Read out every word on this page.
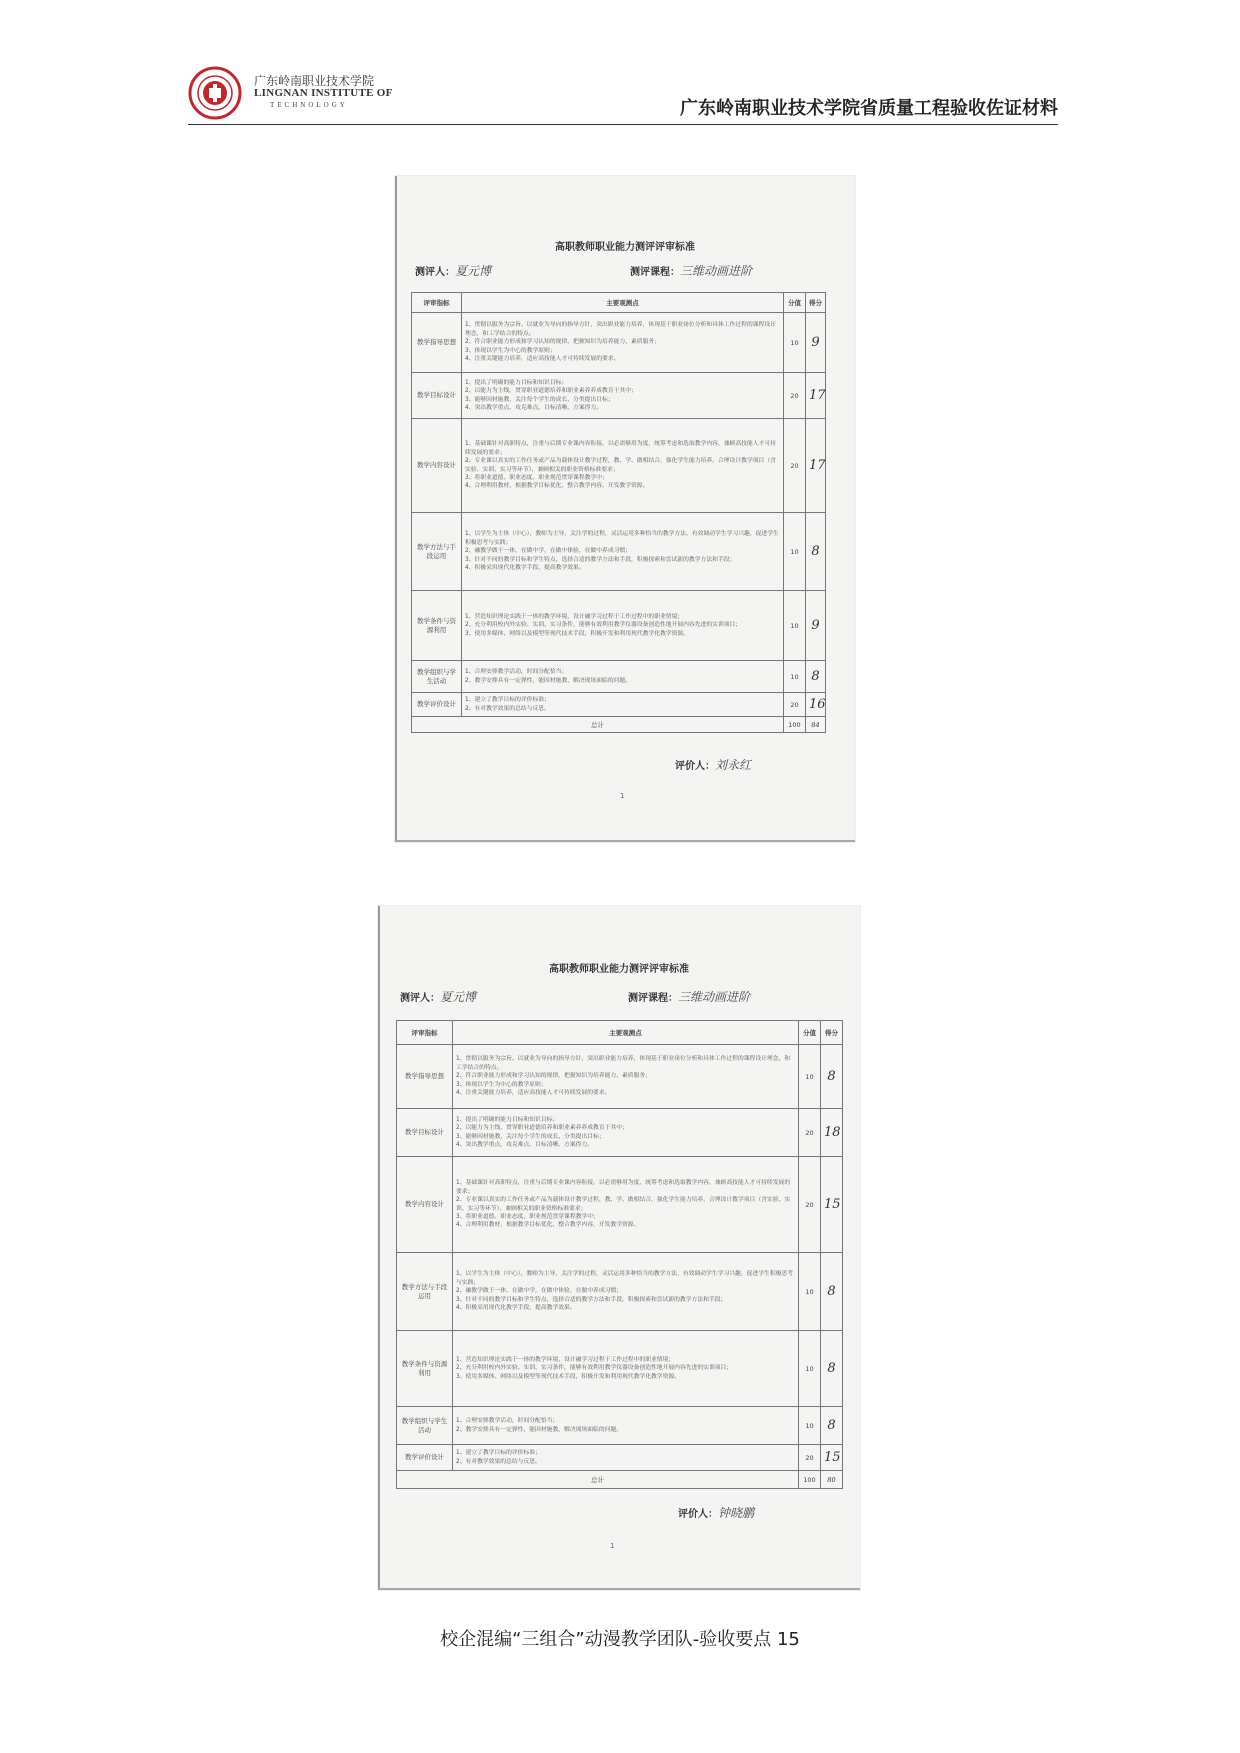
广东岭南职业技术学院
LINGNAN INSTITUTE OF
TECHNOLOGY	广东岭南职业技术学院省质量工程验收佐证材料
高职教师职业能力测评评审标准
测评人：夏元博	测评课程：三维动画进阶
评审指标	主要观测点	分值	得分
教学指导思想	1、贯彻以服务为宗旨、以就业为导向的指导方针，突出职业能力培养，体现基于职业岗位分析和具体工作过程的课程设计理念，和工学结合的特点。
2、符合职业能力形成和学习认知的规律，把握知识为培养能力、素质服务；
3、体现以学生为中心的教学原则；
4、注重关键能力培养，适应高技能人才可持续发展的要求。	10	9
教学目标设计	1、提出了明确的能力目标和知识目标；
2、以能力为主线，贯穿职业道德培养和职业素养养成教育于其中；
3、能够因材施教，关注每个学生的成长，分类提出目标；
4、突出教学重点，攻克难点，目标清晰，方案得力。	20	17
教学内容设计	1、基础课针对高职特点，注重与后期专业课内容衔接，以必需够用为度，统筹考虑和选取教学内容，兼顾高技能人才可持续发展的要求；
2、专业课以真实的工作任务或产品为载体设计教学过程，教、学、做相结合，强化学生能力培养，合理设计教学项目（含实验、实训、实习等环节），兼顾相关的职业资格标准要求；
3、将职业道德、职业态度、职业规范贯穿课程教学中；
4、合理利用教材，根据教学目标优化、整合教学内容，开发教学资源。	20	17
教学方法与手段运用	1、以学生为主体（中心），教师为主导，关注学的过程，灵活运用多种恰当的教学方法，有效调动学生学习兴趣，促进学生积极思考与实践；
2、融教学做于一体，在做中学，在做中体验，在做中养成习惯；
3、针对不同的教学目标和学生特点，选择合适的教学方法和手段，积极探索和尝试新的教学方法和手段；
4、积极采用现代化教学手段，提高教学效果。	10	8
教学条件与资源利用	1、营造知识理论实践于一体的教学环境，设计融学习过程于工作过程中的职业情境；
2、充分利用校内外实验、实训、实习条件，能够有效利用教学仪器设备创造性地开展内容先进的实训项目；
3、使用多媒体、网络以及模型等现代技术手段，积极开发和利用现代教学化教学资源。	10	9
教学组织与学生活动	1、合理安排教学活动，时间分配恰当；
2、教学安排具有一定弹性，能因材施教，解决现场面临的问题。	10	8
教学评价设计	1、建立了教学目标的评价标准；
2、有对教学效果的总结与反思。	20	16
总计		100	84
评价人：刘永红
1
高职教师职业能力测评评审标准
测评人：夏元博	测评课程：三维动画进阶
评审指标	主要观测点	分值	得分
教学指导思想	1、贯彻以服务为宗旨、以就业为导向的指导方针，突出职业能力培养，体现基于职业岗位分析和具体工作过程的课程设计理念，和工学结合的特点。
2、符合职业能力形成和学习认知的规律，把握知识为培养能力、素质服务；
3、体现以学生为中心的教学原则；
4、注重关键能力培养，适应高技能人才可持续发展的要求。	10	8
教学目标设计	1、提出了明确的能力目标和知识目标；
2、以能力为主线，贯穿职业道德培养和职业素养养成教育于其中；
3、能够因材施教，关注每个学生的成长，分类提出目标；
4、突出教学重点，攻克难点，目标清晰，方案得力。	20	18
教学内容设计	1、基础课针对高职特点，注重与后期专业课内容衔接，以必需够用为度，统筹考虑和选取教学内容，兼顾高技能人才可持续发展的要求；
2、专业课以真实的工作任务或产品为载体设计教学过程，教、学、做相结合，强化学生能力培养，合理设计教学项目（含实验、实训、实习等环节），兼顾相关的职业资格标准要求；
3、将职业道德、职业态度、职业规范贯穿课程教学中；
4、合理利用教材，根据教学目标优化、整合教学内容，开发教学资源。	20	15
教学方法与手段运用	1、以学生为主体（中心），教师为主导，关注学的过程，灵活运用多种恰当的教学方法，有效调动学生学习兴趣，促进学生积极思考与实践；
2、融教学做于一体，在做中学，在做中体验，在做中养成习惯；
3、针对不同的教学目标和学生特点，选择合适的教学方法和手段，积极探索和尝试新的教学方法和手段；
4、积极采用现代化教学手段，提高教学效果。	10	8
教学条件与资源利用	1、营造知识理论实践于一体的教学环境，设计融学习过程于工作过程中的职业情境；
2、充分利用校内外实验、实训、实习条件，能够有效利用教学仪器设备创造性地开展内容先进的实训项目；
3、使用多媒体、网络以及模型等现代技术手段，积极开发和利用现代教学化教学资源。	10	8
教学组织与学生活动	1、合理安排教学活动，时间分配恰当；
2、教学安排具有一定弹性，能因材施教，解决现场面临的问题。	10	8
教学评价设计	1、建立了教学目标的评价标准；
2、有对教学效果的总结与反思。	20	15
总计		100	80
评价人：钟晓鹏
1
校企混编“三组合”动漫教学团队-验收要点 15
